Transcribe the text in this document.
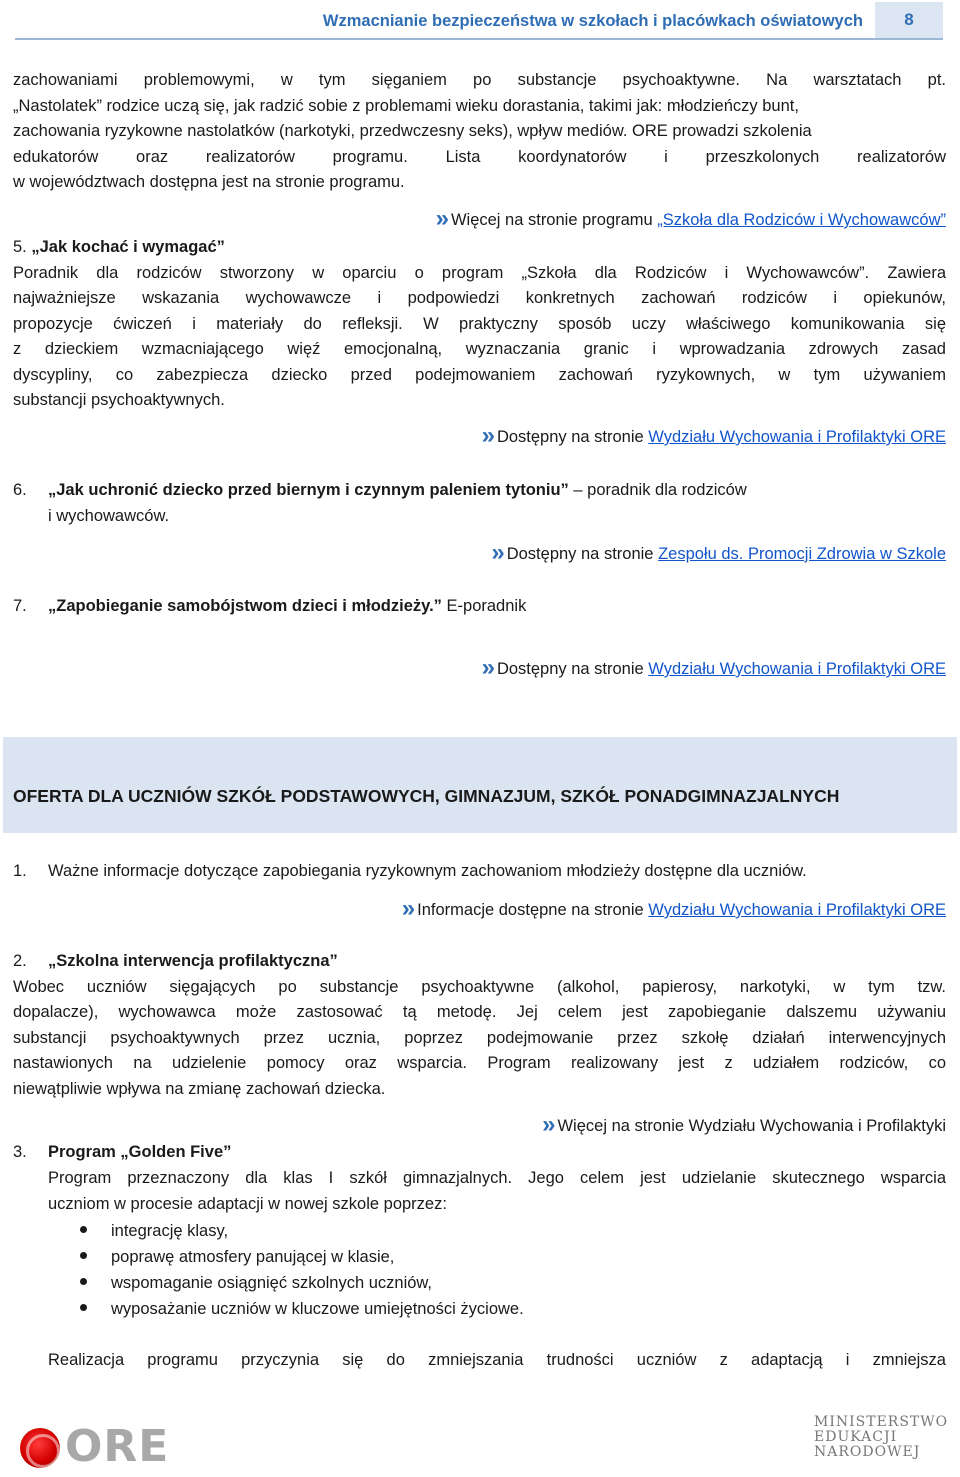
Wzmacnianie bezpieczeństwa w szkołach i placówkach oświatowych	8
zachowaniami problemowymi, w tym sięganiem po substancje psychoaktywne. Na warsztatach pt.
„Nastolatek” rodzice uczą się, jak radzić sobie z problemami wieku dorastania, takimi jak: młodzieńczy bunt,
zachowania ryzykowne nastolatków (narkotyki, przedwczesny seks), wpływ mediów. ORE prowadzi szkolenia
edukatorów oraz realizatorów programu. Lista koordynatorów i przeszkolonych realizatorów
w województwach dostępna jest na stronie programu.
» Więcej na stronie programu „Szkoła dla Rodziców i Wychowawców”
5. „Jak kochać i wymagać”
Poradnik dla rodziców stworzony w oparciu o program „Szkoła dla Rodziców i Wychowawców”. Zawiera
najważniejsze wskazania wychowawcze i podpowiedzi konkretnych zachowań rodziców i opiekunów,
propozycje ćwiczeń i materiały do refleksji. W praktyczny sposób uczy właściwego komunikowania się
z dzieckiem wzmacniającego więź emocjonalną, wyznaczania granic i wprowadzania zdrowych zasad
dyscypliny, co zabezpiecza dziecko przed podejmowaniem zachowań ryzykownych, w tym używaniem
substancji psychoaktywnych.
» Dostępny na stronie Wydziału Wychowania i Profilaktyki ORE
6. „Jak uchronić dziecko przed biernym i czynnym paleniem tytoniu” – poradnik dla rodziców
i wychowawców.
» Dostępny na stronie Zespołu ds. Promocji Zdrowia w Szkole
7. „Zapobieganie samobójstwom dzieci i młodzieży.” E-poradnik
» Dostępny na stronie Wydziału Wychowania i Profilaktyki ORE
OFERTA DLA UCZNIÓW SZKÓŁ PODSTAWOWYCH, GIMNAZJUM, SZKÓŁ PONADGIMNAZJALNYCH
1. Ważne informacje dotyczące zapobiegania ryzykownym zachowaniom młodzieży dostępne dla uczniów.
» Informacje dostępne na stronie Wydziału Wychowania i Profilaktyki ORE
2. „Szkolna interwencja profilaktyczna”
Wobec uczniów sięgających po substancje psychoaktywne (alkohol, papierosy, narkotyki, w tym tzw.
dopalacze), wychowawca może zastosować tą metodę. Jej celem jest zapobieganie dalszemu używaniu
substancji psychoaktywnych przez ucznia, poprzez podejmowanie przez szkołę działań interwencyjnych
nastawionych na udzielenie pomocy oraz wsparcia. Program realizowany jest z udziałem rodziców, co
niewątpliwie wpływa na zmianę zachowań dziecka.
» Więcej na stronie Wydziału Wychowania i Profilaktyki
3. Program „Golden Five”
Program przeznaczony dla klas I szkół gimnazjalnych. Jego celem jest udzielanie skutecznego wsparcia
uczniom w procesie adaptacji w nowej szkole poprzez:
integrację klasy,
poprawę atmosfery panującej w klasie,
wspomaganie osiągnięć szkolnych uczniów,
wyposażanie uczniów w kluczowe umiejętności życiowe.
Realizacja programu przyczynia się do zmniejszania trudności uczniów z adaptacją i zmniejsza
ORE	MINISTERSTWO
EDUKACJI
NARODOWEJ
